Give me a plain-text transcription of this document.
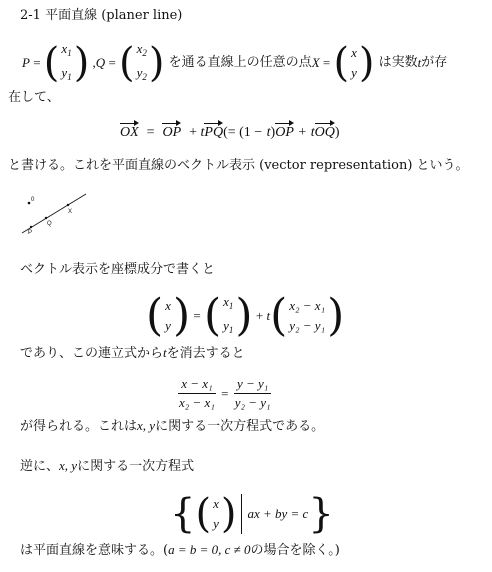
2-1 平面直線 (planer line)
P = ( $x_1$
$y_1$ ) , Q = ( $x_2$
$y_2$ )
を通る直線上の任意の点 X = ( x
y )
は実数 t が存
在して、
OX  =  OP  + tPQ(= (1 − t)OP + tOQ)
と書ける。これを平面直線のベクトル表示 (vector representation) という。
0
X
P
Q
ベクトル表示を座標成分で書くと
( x
y ) = ( $x_1$
$y_1$ ) + t ( x₂ − x₁
y₂ − y₁ )
であり、この連立式からtを消去すると
$\frac{\text{x − x₁}}{\text{x₂ − x₁}} = \frac{\text{y − y₁}}{\text{y₂ − y₁}}$
が得られる。これはx, yに関する一次方程式である。
逆に、x, yに関する一次方程式
{ ( x
y ) ax + by = c }
は平面直線を意味する。(a = b = 0, c ≠ 0の場合を除く。)
